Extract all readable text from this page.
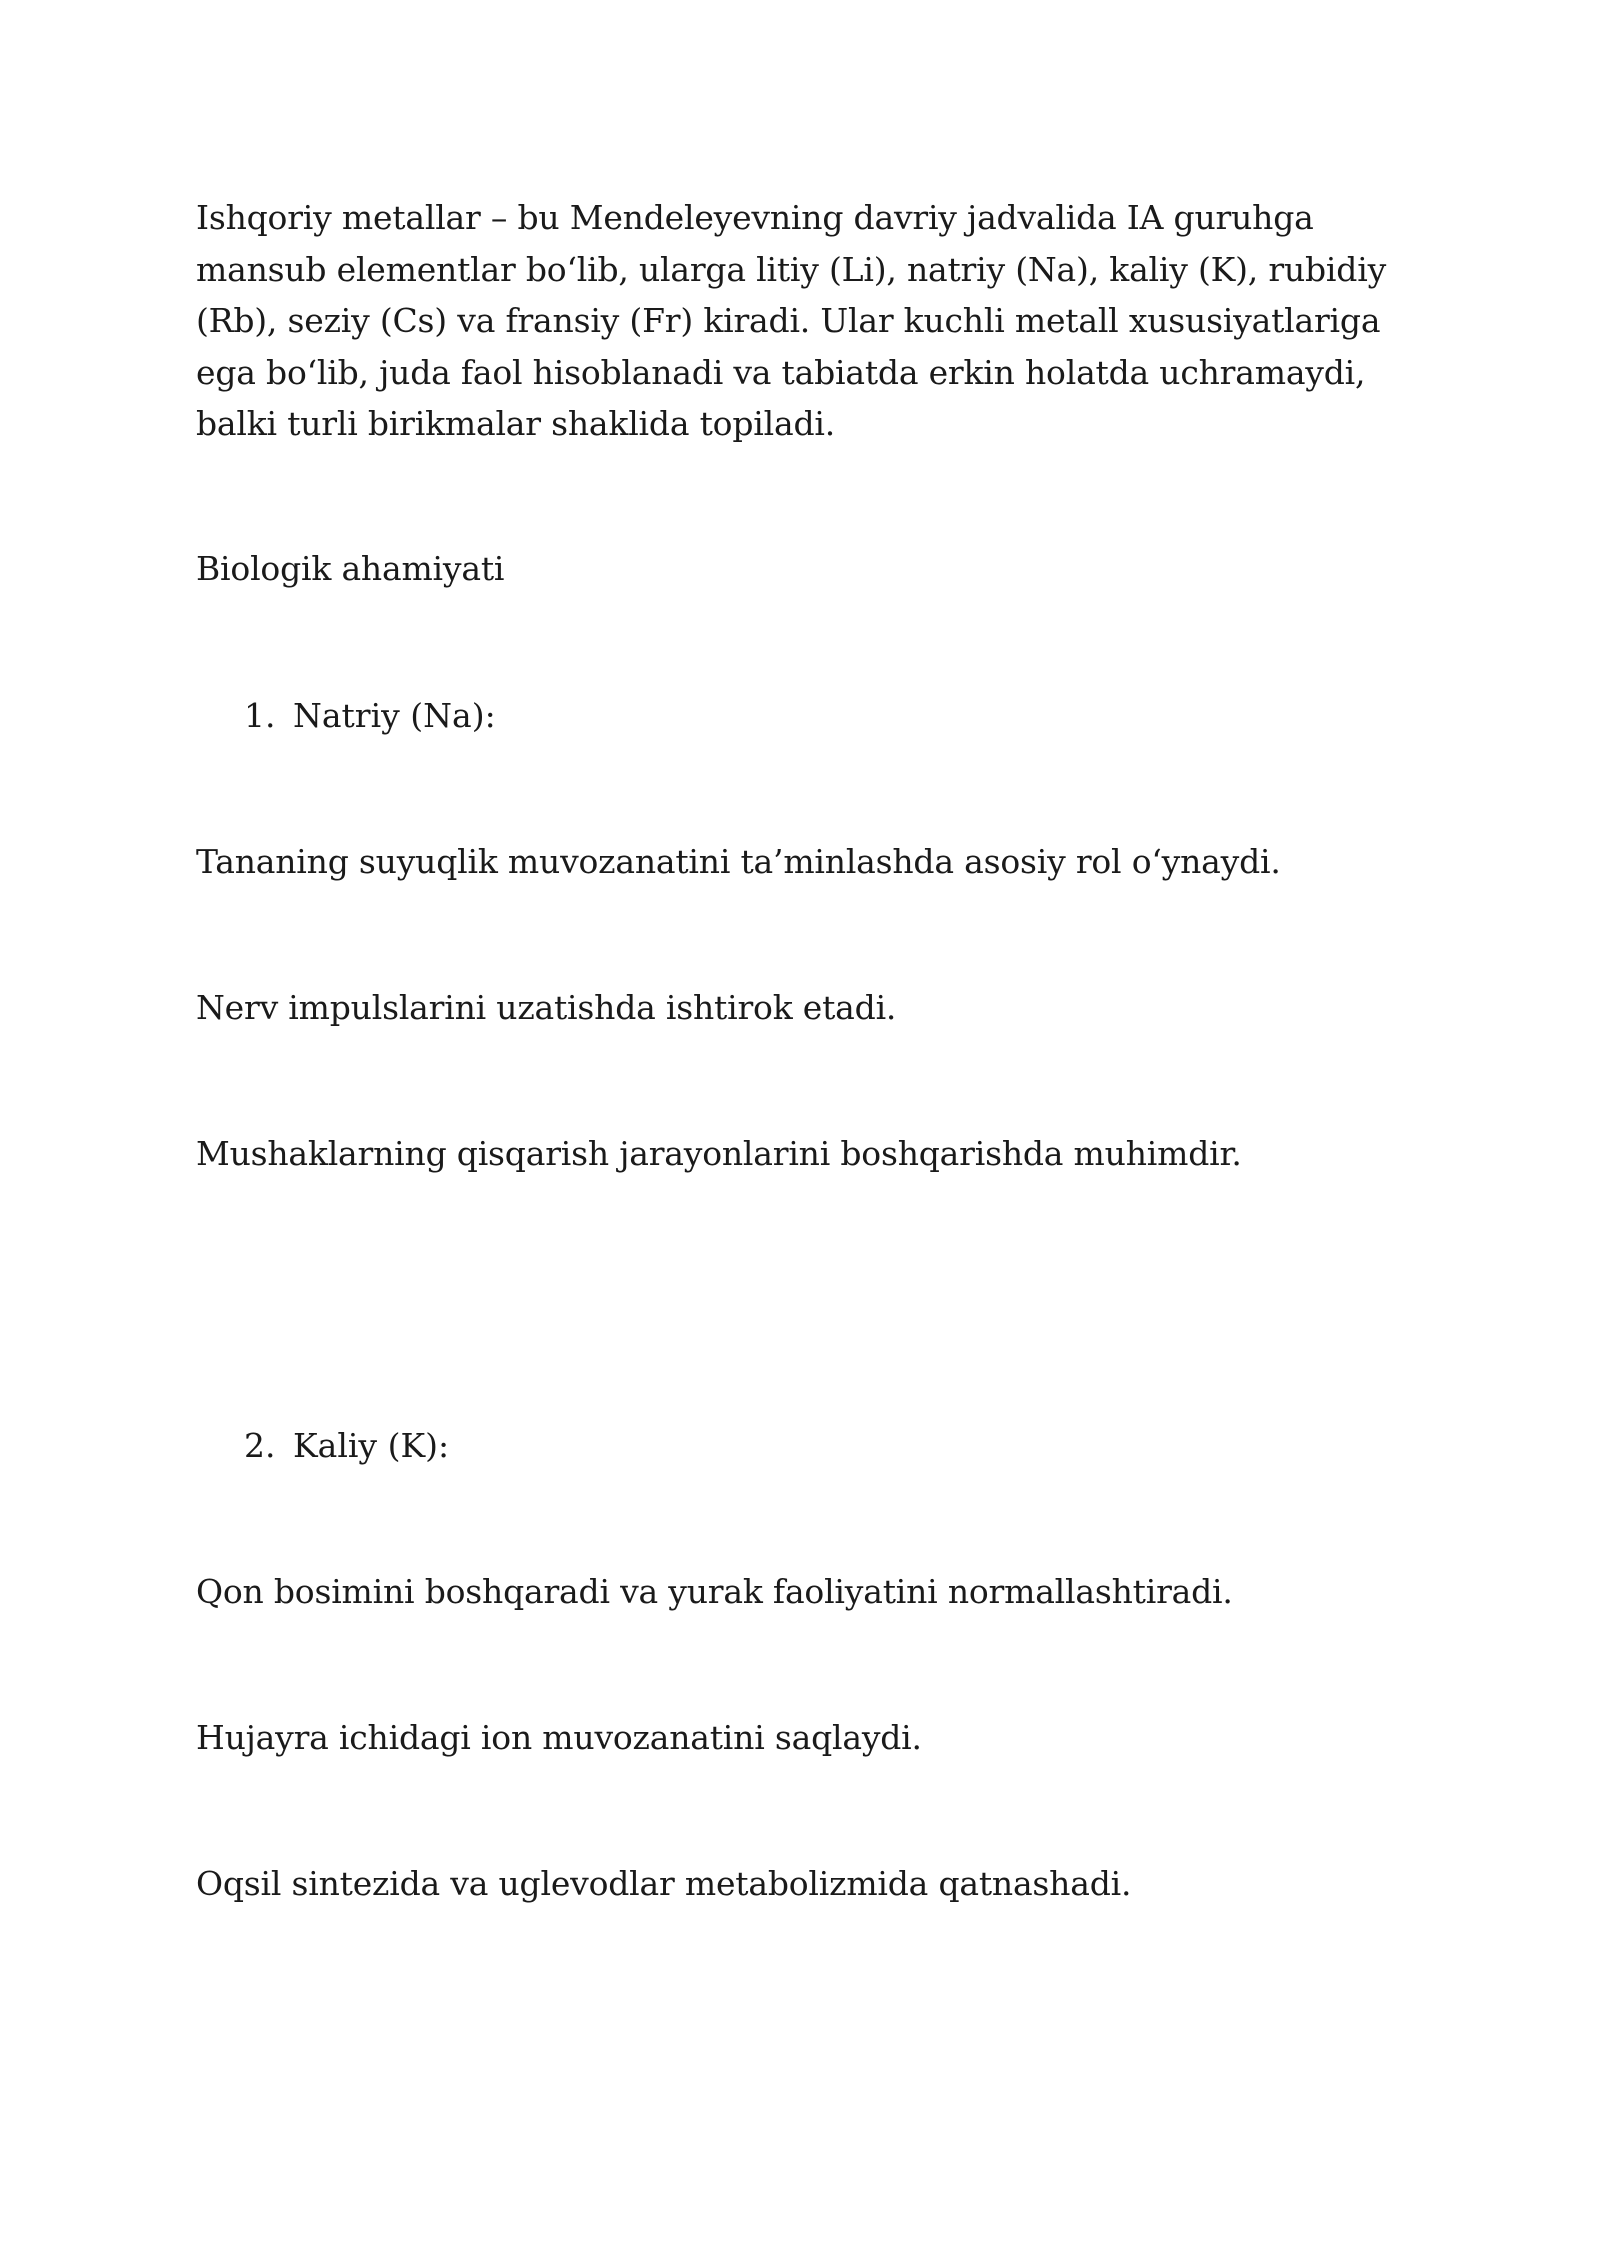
Ishqoriy metallar – bu Mendeleyevning davriy jadvalida IA guruhga mansub elementlar bo‘lib, ularga litiy (Li), natriy (Na), kaliy (K), rubidiy (Rb), seziy (Cs) va fransiy (Fr) kiradi. Ular kuchli metall xususiyatlariga ega bo‘lib, juda faol hisoblanadi va tabiatda erkin holatda uchramaydi, balki turli birikmalar shaklida topiladi.

Biologik ahamiyati

1. Natriy (Na):

Tananing suyuqlik muvozanatini ta’minlashda asosiy rol o‘ynaydi.

Nerv impulslarini uzatishda ishtirok etadi.

Mushaklarning qisqarish jarayonlarini boshqarishda muhimdir.

2. Kaliy (K):

Qon bosimini boshqaradi va yurak faoliyatini normallashtiradi.

Hujayra ichidagi ion muvozanatini saqlaydi.

Oqsil sintezida va uglevodlar metabolizmida qatnashadi.
